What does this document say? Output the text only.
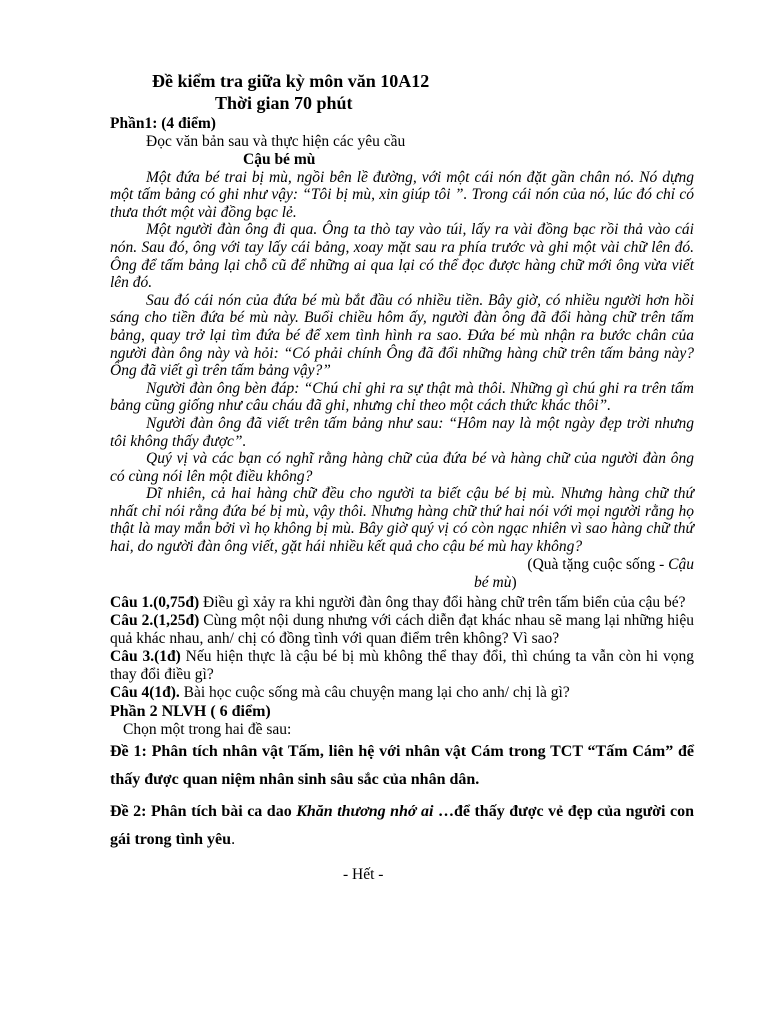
Đề kiểm tra giữa kỳ môn văn 10A12
Thời gian 70 phút
Phần1: (4 điểm)
Đọc văn bản sau và thực hiện các yêu cầu
Cậu bé mù
Một đứa bé trai bị mù, ngồi bên lề đường, với một cái nón đặt gần chân nó. Nó dựng một tấm bảng có ghi như vậy: “Tôi bị mù, xin giúp tôi ”. Trong cái nón của nó, lúc đó chỉ có thưa thớt một vài đồng bạc lẻ.
Một người đàn ông đi qua. Ông ta thò tay vào túi, lấy ra vài đồng bạc rồi thả vào cái nón. Sau đó, ông với tay lấy cái bảng, xoay mặt sau ra phía trước và ghi một vài chữ lên đó. Ông để tấm bảng lại chỗ cũ để những ai qua lại có thể đọc được hàng chữ mới ông vừa viết lên đó.
Sau đó cái nón của đứa bé mù bắt đầu có nhiều tiền. Bây giờ, có nhiều người hơn hồi sáng cho tiền đứa bé mù này. Buổi chiều hôm ấy, người đàn ông đã đổi hàng chữ trên tấm bảng, quay trở lại tìm đứa bé để xem tình hình ra sao. Đứa bé mù nhận ra bước chân của người đàn ông này và hỏi: “Có phải chính Ông đã đổi những hàng chữ trên tấm bảng này? Ông đã viết gì trên tấm bảng vậy?”
Người đàn ông bèn đáp: “Chú chỉ ghi ra sự thật mà thôi. Những gì chú ghi ra trên tấm bảng cũng giống như câu cháu đã ghi, nhưng chỉ theo một cách thức khác thôi”.
Người đàn ông đã viết trên tấm bảng như sau: “Hôm nay là một ngày đẹp trời nhưng tôi không thấy được”.
Quý vị và các bạn có nghĩ rằng hàng chữ của đứa bé và hàng chữ của người đàn ông có cùng nói lên một điều không?
Dĩ nhiên, cả hai hàng chữ đều cho người ta biết cậu bé bị mù. Nhưng hàng chữ thứ nhất chỉ nói rằng đứa bé bị mù, vậy thôi. Nhưng hàng chữ thứ hai nói với mọi người rằng họ thật là may mắn bởi vì họ không bị mù. Bây giờ quý vị có còn ngạc nhiên vì sao hàng chữ thứ hai, do người đàn ông viết, gặt hái nhiều kết quả cho cậu bé mù hay không?
(Quà tặng cuộc sống - Cậu
bé mù)
Câu 1.(0,75đ) Điều gì xảy ra khi người đàn ông thay đổi hàng chữ trên tấm biển của cậu bé?
Câu 2.(1,25đ) Cùng một nội dung nhưng với cách diễn đạt khác nhau sẽ mang lại những hiệu quả khác nhau, anh/ chị có đồng tình với quan điểm trên không? Vì sao?
Câu 3.(1đ) Nếu hiện thực là cậu bé bị mù không thể thay đổi, thì chúng ta vẫn còn hi vọng thay đổi điều gì?
Câu 4(1đ). Bài học cuộc sống mà câu chuyện mang lại cho anh/ chị là gì?
Phần 2 NLVH ( 6 điểm)
Chọn một trong hai đề sau:
Đề 1: Phân tích nhân vật Tấm, liên hệ với nhân vật Cám trong TCT “Tấm Cám” để thấy được quan niệm nhân sinh sâu sắc của nhân dân.
Đề 2: Phân tích bài ca dao Khăn thương nhớ ai …để thấy được vẻ đẹp của người con gái trong tình yêu.
- Hết -
